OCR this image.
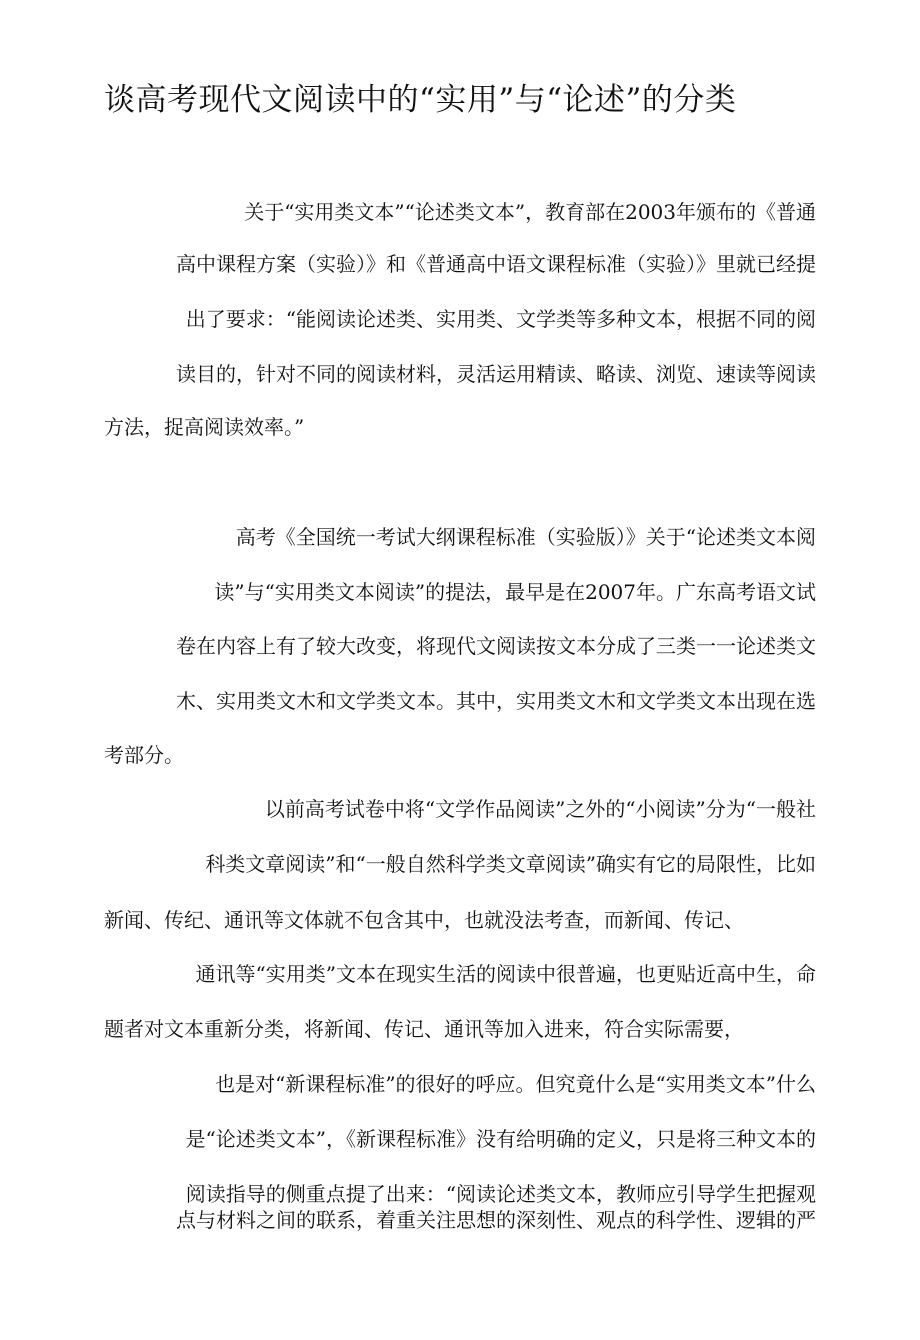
谈高考现代文阅读中的“实用”与“论述”的分类
关于“实用类文本”“论述类文本”，教育部在2003年颁布的《普通
高中课程方案（实验）》和《普通高中语文课程标准（实验）》里就已经提
出了要求：“能阅读论述类、实用类、文学类等多种文本，根据不同的阅
读目的，针对不同的阅读材料，灵活运用精读、略读、浏览、速读等阅读
方法，捉高阅读效率。”
高考《全国统一考试大纲课程标准（实验版）》关于“论述类文本阅
读”与“实用类文本阅读”的提法，最早是在2007年。广东高考语文试
卷在内容上有了较大改变，将现代文阅读按文本分成了三类一一论述类文
木、实用类文木和文学类文本。其中，实用类文木和文学类文本出现在选
考部分。
以前高考试卷中将“文学作品阅读”之外的“小阅读”分为“一般社
科类文章阅读”和“一般自然科学类文章阅读”确实有它的局限性，比如
新闻、传纪、通讯等文体就不包含其中，也就没法考查，而新闻、传记、
通讯等“实用类”文本在现实生活的阅读中很普遍，也更贴近高中生，命
题者对文本重新分类，将新闻、传记、通讯等加入进来，符合实际需要，
也是对“新课程标准”的很好的呼应。但究竟什么是“实用类文本”什么
是“论述类文本”，《新课程标准》没有给明确的定义，只是将三种文本的
阅读指导的侧重点提了出来：“阅读论述类文本，教师应引导学生把握观
点与材料之间的联系，着重关注思想的深刻性、观点的科学性、逻辑的严
